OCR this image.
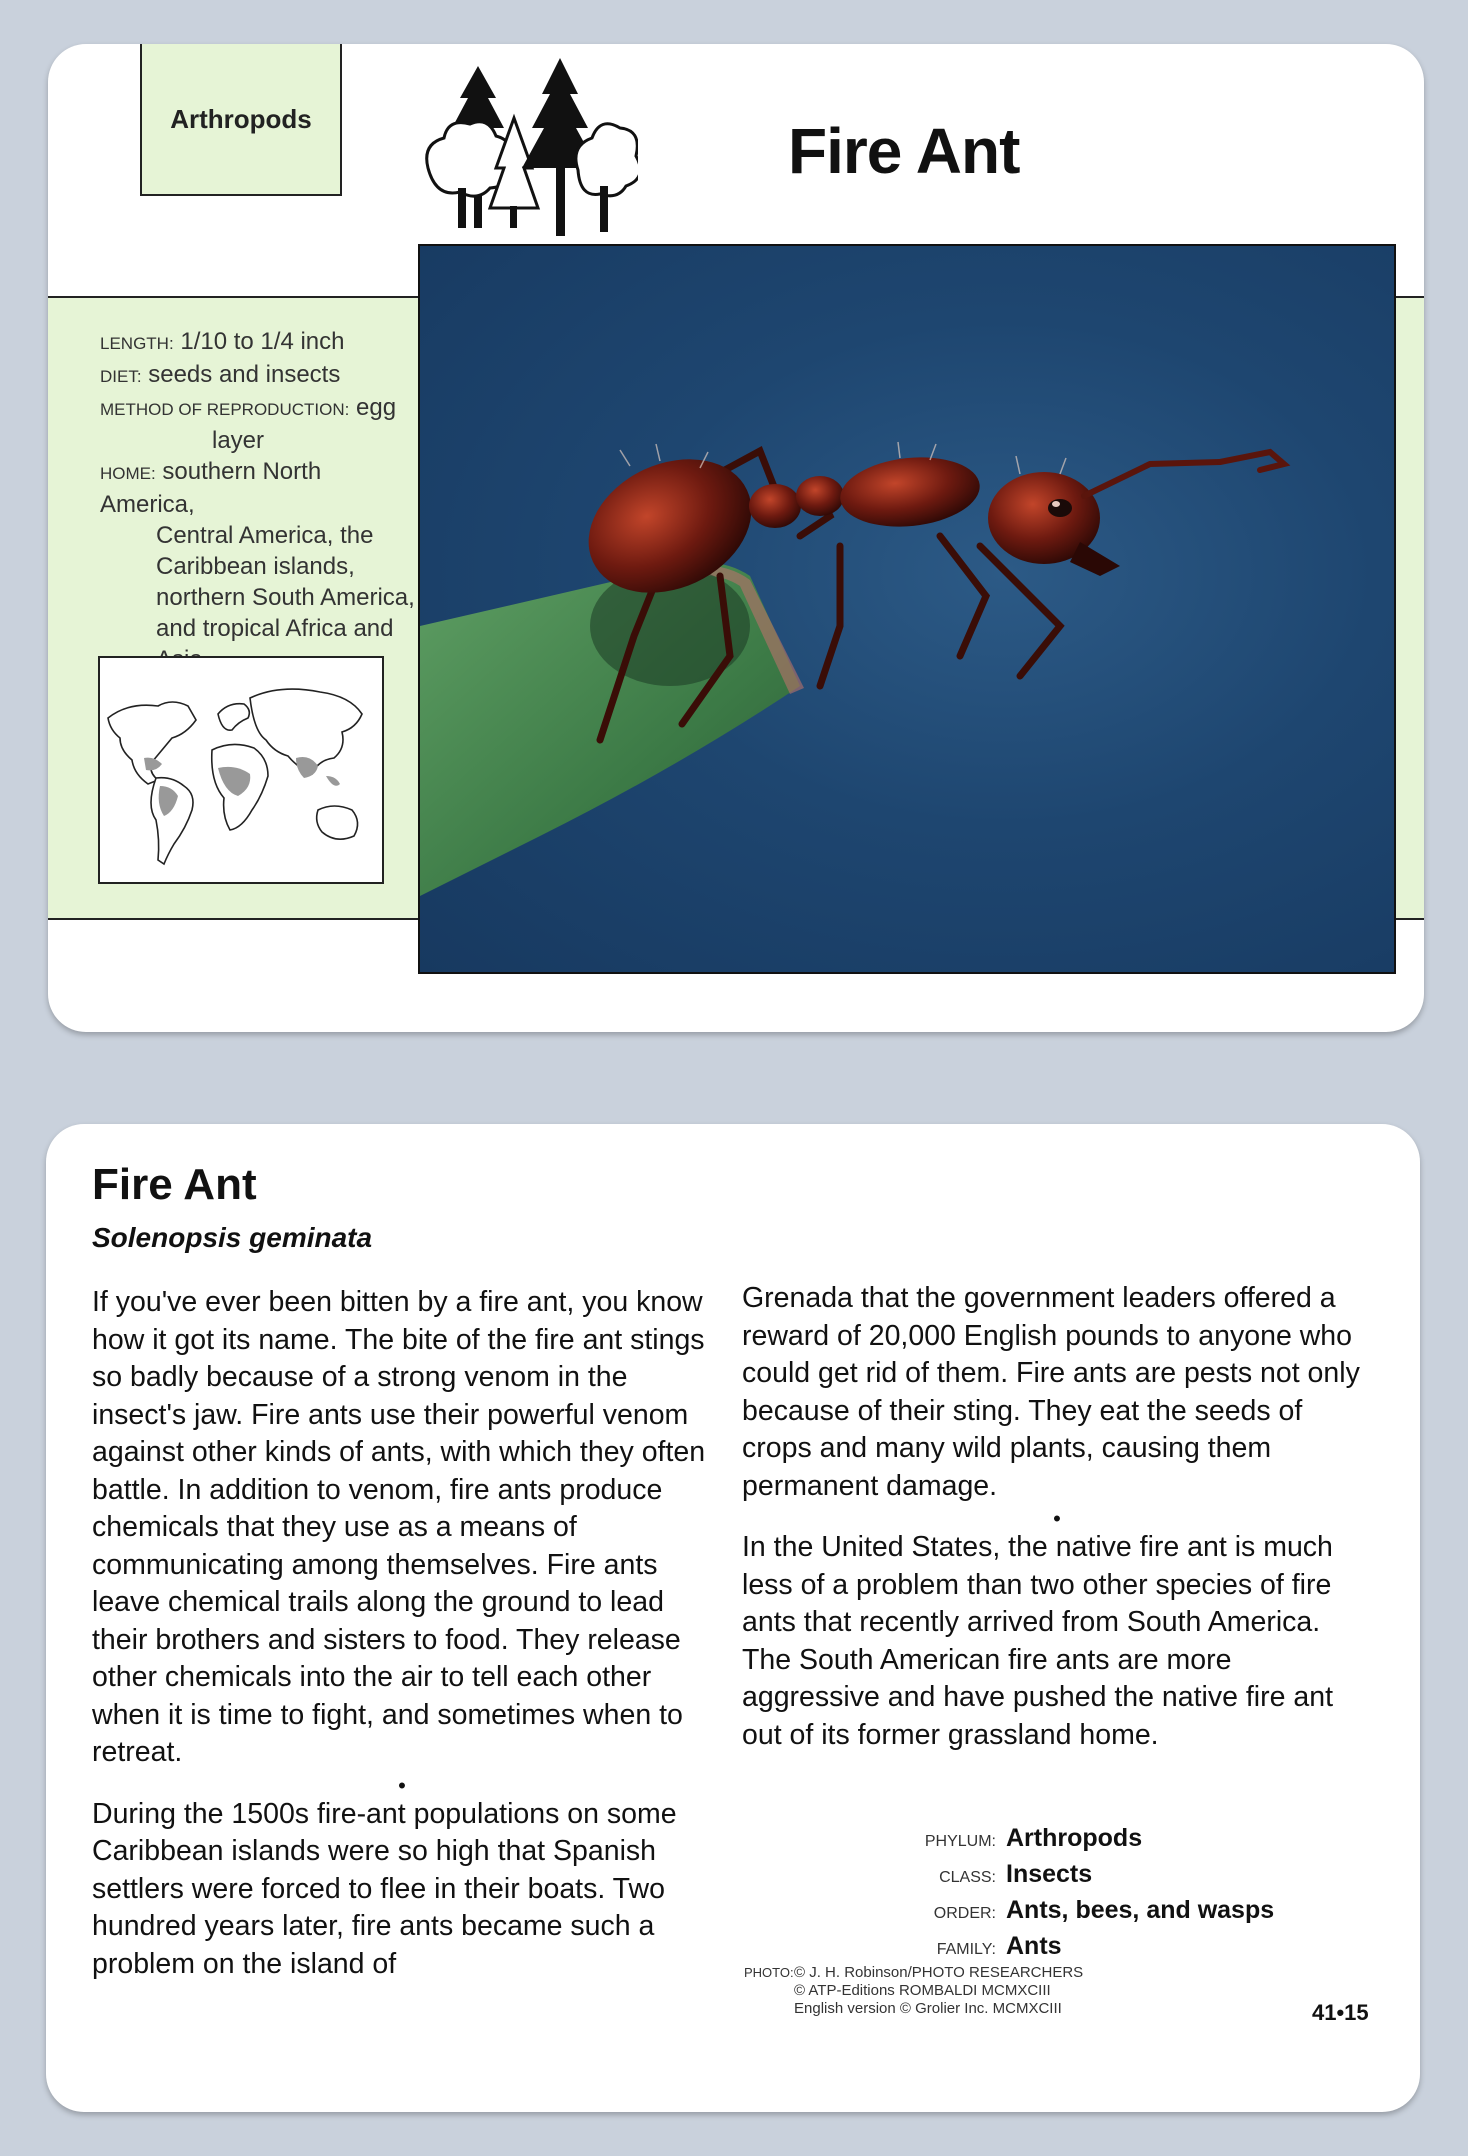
Arthropods	Fire Ant
LENGTH: 1/10 to 1/4 inch
DIET: seeds and insects
METHOD OF REPRODUCTION: egg
layer
HOME: southern North America,
Central America, the
Caribbean islands,
northern South America,
and tropical Africa and
Fire Ant
Solenopsis geminata

If you've ever been bitten by a fire ant, you know how it got its name. The bite of the fire ant stings so badly because of a strong venom in the insect's jaw. Fire ants use their powerful venom against other kinds of ants, with which they often battle. In addition to venom, fire ants produce chemicals that they use as a means of communicating among themselves. Fire ants leave chemical trails along the ground to lead their brothers and sisters to food. They release other chemicals into the air to tell each other when it is time to fight, and sometimes when to retreat.

•

During the 1500s fire-ant populations on some Caribbean islands were so high that Spanish settlers were forced to flee in their boats. Two hundred years later, fire ants became such a problem on the island of

Grenada that the government leaders offered a reward of 20,000 English pounds to anyone who could get rid of them. Fire ants are pests not only because of their sting. They eat the seeds of crops and many wild plants, causing them permanent damage.

•

In the United States, the native fire ant is much less of a problem than two other species of fire ants that recently arrived from South America. The South American fire ants are more aggressive and have pushed the native fire ant out of its former grassland home.

PHYLUM: Arthropods
CLASS: Insects
ORDER: Ants, bees, and wasps
FAMILY: Ants
PHOTO:© J. H. Robinson/PHOTO RESEARCHERS
© ATP-Editions ROMBALDI MCMXCIII
English version © Grolier Inc. MCMXCIII	41•15
